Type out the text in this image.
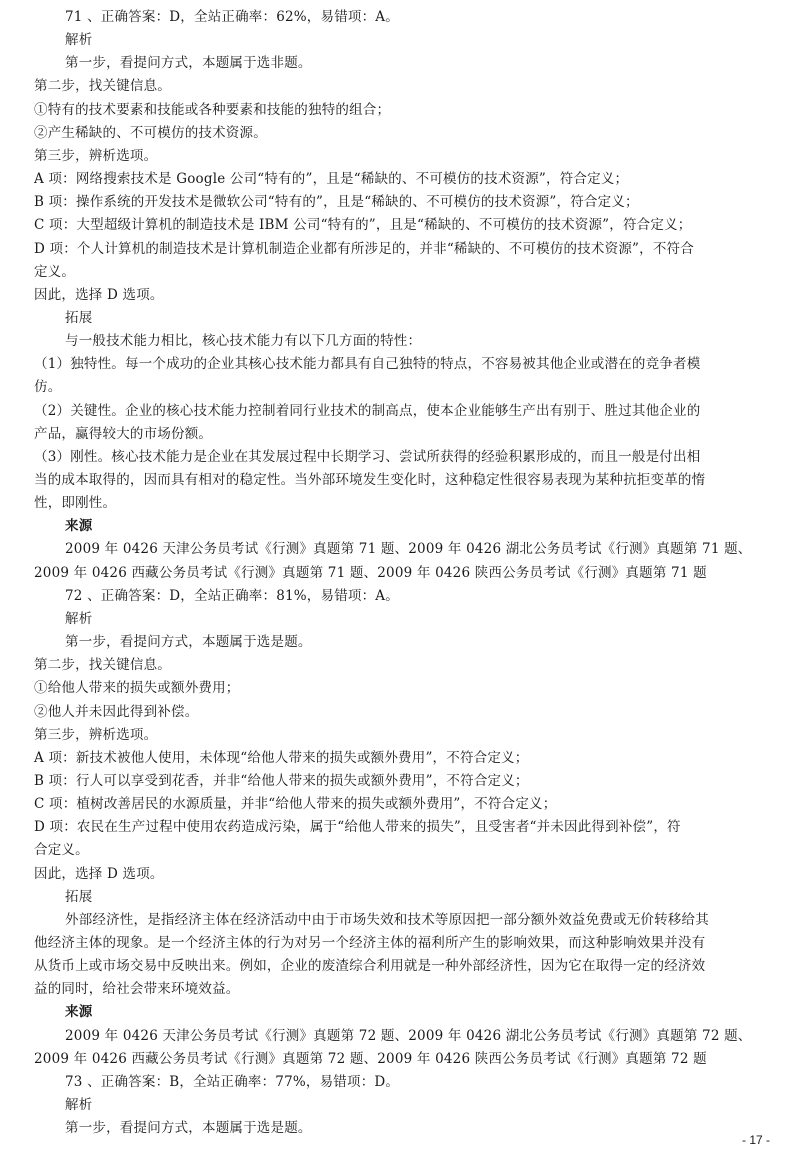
71 、正确答案：D，全站正确率：62%，易错项：A。
解析
第一步，看提问方式，本题属于选非题。
第二步，找关键信息。
①特有的技术要素和技能或各种要素和技能的独特的组合；
②产生稀缺的、不可模仿的技术资源。
第三步，辨析选项。
A 项：网络搜索技术是 Google 公司“特有的”，且是“稀缺的、不可模仿的技术资源”，符合定义；
B 项：操作系统的开发技术是微软公司“特有的”，且是“稀缺的、不可模仿的技术资源”，符合定义；
C 项：大型超级计算机的制造技术是 IBM 公司“特有的”，且是“稀缺的、不可模仿的技术资源”，符合定义；
D 项：个人计算机的制造技术是计算机制造企业都有所涉足的，并非“稀缺的、不可模仿的技术资源”，不符合
定义。
因此，选择 D 选项。
拓展
与一般技术能力相比，核心技术能力有以下几方面的特性：
（1）独特性。每一个成功的企业其核心技术能力都具有自己独特的特点，不容易被其他企业或潜在的竞争者模
仿。
（2）关键性。企业的核心技术能力控制着同行业技术的制高点，使本企业能够生产出有别于、胜过其他企业的
产品，赢得较大的市场份额。
（3）刚性。核心技术能力是企业在其发展过程中长期学习、尝试所获得的经验积累形成的，而且一般是付出相
当的成本取得的，因而具有相对的稳定性。当外部环境发生变化时，这种稳定性很容易表现为某种抗拒变革的惰
性，即刚性。
来源
2009 年 0426 天津公务员考试《行测》真题第 71 题、2009 年 0426 湖北公务员考试《行测》真题第 71 题、
2009 年 0426 西藏公务员考试《行测》真题第 71 题、2009 年 0426 陕西公务员考试《行测》真题第 71 题
72 、正确答案：D，全站正确率：81%，易错项：A。
解析
第一步，看提问方式，本题属于选是题。
第二步，找关键信息。
①给他人带来的损失或额外费用；
②他人并未因此得到补偿。
第三步，辨析选项。
A 项：新技术被他人使用，未体现“给他人带来的损失或额外费用”，不符合定义；
B 项：行人可以享受到花香，并非“给他人带来的损失或额外费用”，不符合定义；
C 项：植树改善居民的水源质量，并非“给他人带来的损失或额外费用”，不符合定义；
D 项：农民在生产过程中使用农药造成污染，属于“给他人带来的损失”，且受害者“并未因此得到补偿”，符
合定义。
因此，选择 D 选项。
拓展
外部经济性，是指经济主体在经济活动中由于市场失效和技术等原因把一部分额外效益免费或无价转移给其
他经济主体的现象。是一个经济主体的行为对另一个经济主体的福利所产生的影响效果，而这种影响效果并没有
从货币上或市场交易中反映出来。例如，企业的废渣综合利用就是一种外部经济性，因为它在取得一定的经济效
益的同时，给社会带来环境效益。
来源
2009 年 0426 天津公务员考试《行测》真题第 72 题、2009 年 0426 湖北公务员考试《行测》真题第 72 题、
2009 年 0426 西藏公务员考试《行测》真题第 72 题、2009 年 0426 陕西公务员考试《行测》真题第 72 题
73 、正确答案：B，全站正确率：77%，易错项：D。
解析
第一步，看提问方式，本题属于选是题。
- 17 -
